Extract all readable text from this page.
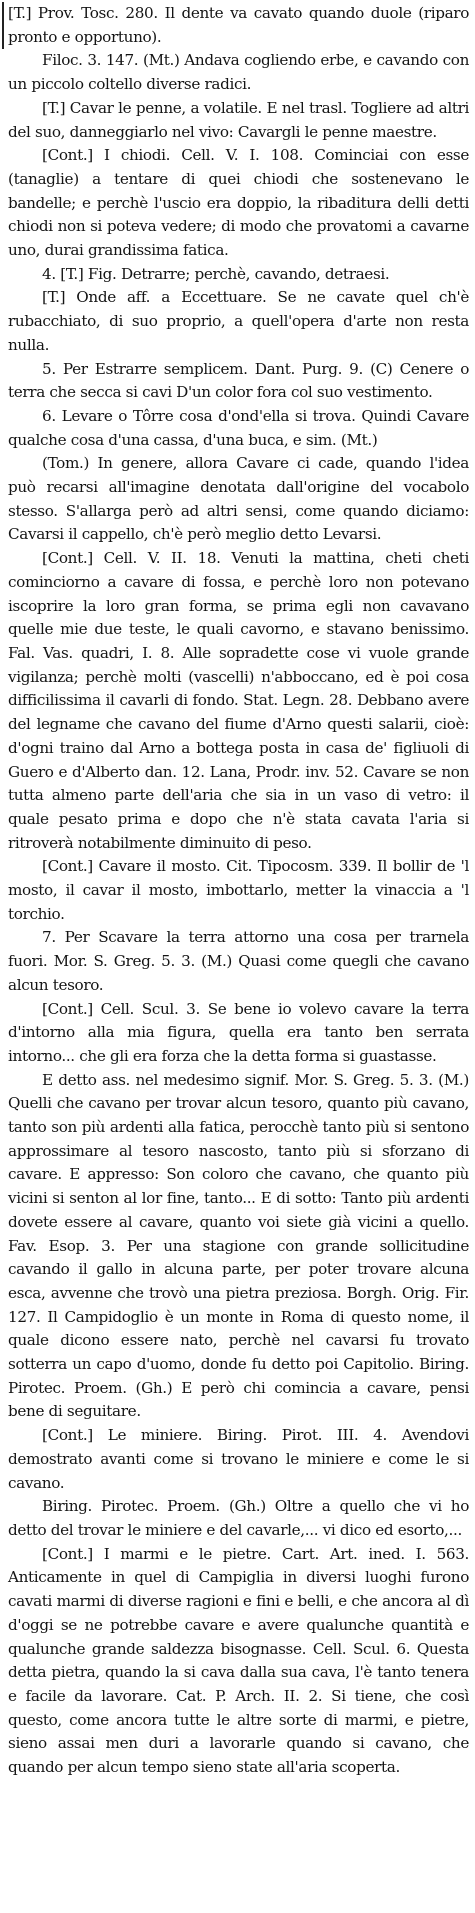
[T.] Prov. Tosc. 280. Il dente va cavato quando duole (riparo pronto e opportuno).

Filoc. 3. 147. (Mt.) Andava cogliendo erbe, e cavando con un piccolo coltello diverse radici.

[T.] Cavar le penne, a volatile. E nel trasl. Togliere ad altri del suo, danneggiarlo nel vivo: Cavargli le penne maestre.

[Cont.] I chiodi. Cell. V. I. 108. Cominciai con esse (tanaglie) a tentare di quei chiodi che sostenevano le bandelle; e perchè l'uscio era doppio, la ribaditura delli detti chiodi non si poteva vedere; di modo che provatomi a cavarne uno, durai grandissima fatica.

4. [T.] Fig. Detrarre; perchè, cavando, detraesi.

[T.] Onde aff. a Eccettuare. Se ne cavate quel ch'è rubacchiato, di suo proprio, a quell'opera d'arte non resta nulla.

5. Per Estrarre semplicem. Dant. Purg. 9. (C) Cenere o terra che secca si cavi D'un color fora col suo vestimento.

6. Levare o Tôrre cosa d'ond'ella si trova. Quindi Cavare qualche cosa d'una cassa, d'una buca, e sim. (Mt.)

(Tom.) In genere, allora Cavare ci cade, quando l'idea può recarsi all'imagine denotata dall'origine del vocabolo stesso. S'allarga però ad altri sensi, come quando diciamo: Cavarsi il cappello, ch'è però meglio detto Levarsi.

[Cont.] Cell. V. II. 18. Venuti la mattina, cheti cheti cominciorno a cavare di fossa, e perchè loro non potevano iscoprire la loro gran forma, se prima egli non cavavano quelle mie due teste, le quali cavorno, e stavano benissimo. Fal. Vas. quadri, I. 8. Alle sopradette cose vi vuole grande vigilanza; perchè molti (vascelli) n'abboccano, ed è poi cosa difficilissima il cavarli di fondo. Stat. Legn. 28. Debbano avere del legname che cavano del fiume d'Arno questi salarii, cioè: d'ogni traino dal Arno a bottega posta in casa de' figliuoli di Guero e d'Alberto dan. 12. Lana, Prodr. inv. 52. Cavare se non tutta almeno parte dell'aria che sia in un vaso di vetro: il quale pesato prima e dopo che n'è stata cavata l'aria si ritroverà notabilmente diminuito di peso.

[Cont.] Cavare il mosto. Cit. Tipocosm. 339. Il bollir de 'l mosto, il cavar il mosto, imbottarlo, metter la vinaccia a 'l torchio.

7. Per Scavare la terra attorno una cosa per trarnela fuori. Mor. S. Greg. 5. 3. (M.) Quasi come quegli che cavano alcun tesoro.

[Cont.] Cell. Scul. 3. Se bene io volevo cavare la terra d'intorno alla mia figura, quella era tanto ben serrata intorno... che gli era forza che la detta forma si guastasse.

E detto ass. nel medesimo signif. Mor. S. Greg. 5. 3. (M.) Quelli che cavano per trovar alcun tesoro, quanto più cavano, tanto son più ardenti alla fatica, perocchè tanto più si sentono approssimare al tesoro nascosto, tanto più si sforzano di cavare. E appresso: Son coloro che cavano, che quanto più vicini si senton al lor fine, tanto... E di sotto: Tanto più ardenti dovete essere al cavare, quanto voi siete già vicini a quello. Fav. Esop. 3. Per una stagione con grande sollicitudine cavando il gallo in alcuna parte, per poter trovare alcuna esca, avvenne che trovò una pietra preziosa. Borgh. Orig. Fir. 127. Il Campidoglio è un monte in Roma di questo nome, il quale dicono essere nato, perchè nel cavarsi fu trovato sotterra un capo d'uomo, donde fu detto poi Capitolio. Biring. Pirotec. Proem. (Gh.) E però chi comincia a cavare, pensi bene di seguitare.

[Cont.] Le miniere. Biring. Pirot. III. 4. Avendovi demostrato avanti come si trovano le miniere e come le si cavano.

Biring. Pirotec. Proem. (Gh.) Oltre a quello che vi ho detto del trovar le miniere e del cavarle,... vi dico ed esorto,...

[Cont.] I marmi e le pietre. Cart. Art. ined. I. 563. Anticamente in quel di Campiglia in diversi luoghi furono cavati marmi di diverse ragioni e fini e belli, e che ancora al dì d'oggi se ne potrebbe cavare e avere qualunche quantità e qualunche grande saldezza bisognasse. Cell. Scul. 6. Questa detta pietra, quando la si cava dalla sua cava, l'è tanto tenera e facile da lavorare. Cat. P. Arch. II. 2. Si tiene, che così questo, come ancora tutte le altre sorte di marmi, e pietre, sieno assai men duri a lavorarle quando si cavano, che quando per alcun tempo sieno state all'aria scoperta.
